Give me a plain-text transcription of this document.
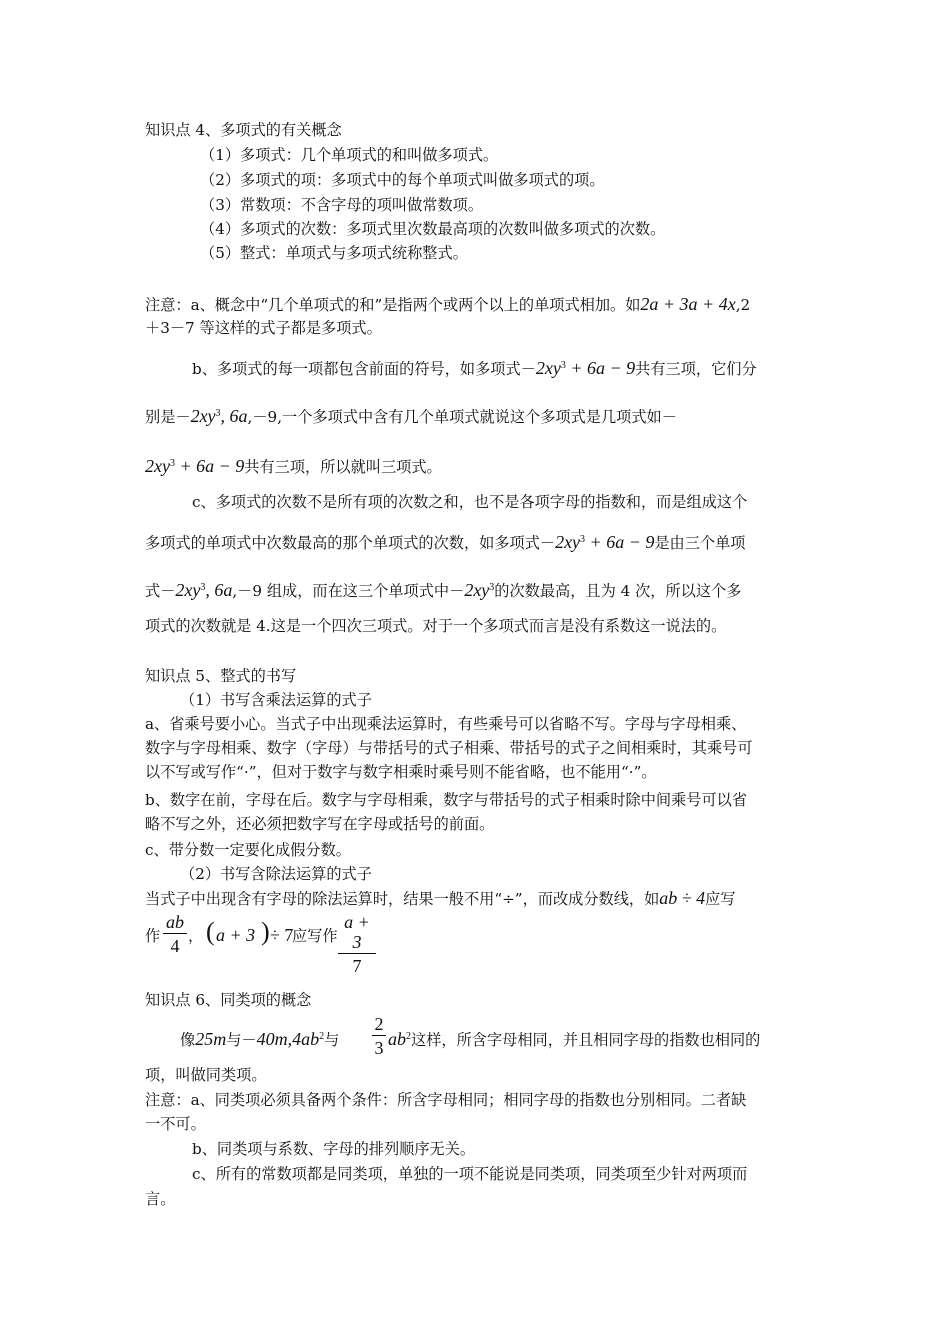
知识点 4、多项式的有关概念
（1）多项式：几个单项式的和叫做多项式。
（2）多项式的项：多项式中的每个单项式叫做多项式的项。
（3）常数项：不含字母的项叫做常数项。
（4）多项式的次数：多项式里次数最高项的次数叫做多项式的次数。
（5）整式：单项式与多项式统称整式。
注意：a、概念中“几个单项式的和”是指两个或两个以上的单项式相加。如2a + 3a + 4x,2
＋3－7 等这样的式子都是多项式。
b、多项式的每一项都包含前面的符号，如多项式$-2xy^3 + 6a - 9$共有三项，它们分
别是$-2xy^3$, 6a,－9,一个多项式中含有几个单项式就说这个多项式是几项式如－
$2xy^3 + 6a - 9$共有三项，所以就叫三项式。
c、多项式的次数不是所有项的次数之和，也不是各项字母的指数和，而是组成这个
多项式的单项式中次数最高的那个单项式的次数，如多项式$-2xy^3 + 6a - 9$是由三个单项
式$-2xy^3$, 6a,－9 组成，而在这三个单项式中$-2xy^3$的次数最高，且为 4 次，所以这个多
项式的次数就是 4.这是一个四次三项式。对于一个多项式而言是没有系数这一说法的。
知识点 5、整式的书写
（1）书写含乘法运算的式子
a、省乘号要小心。当式子中出现乘法运算时，有些乘号可以省略不写。字母与字母相乘、
数字与字母相乘、数字（字母）与带括号的式子相乘、带括号的式子之间相乘时，其乘号可
以不写或写作“·”，但对于数字与数字相乘时乘号则不能省略，也不能用“·”。
b、数字在前，字母在后。数字与字母相乘，数字与带括号的式子相乘时除中间乘号可以省
略不写之外，还必须把数字写在字母或括号的前面。
c、带分数一定要化成假分数。
（2）书写含除法运算的式子
当式子中出现含有字母的除法运算时，结果一般不用“÷”，而改成分数线，如ab ÷ 4应写
作
ab
4 ， ( a + 3 ) ÷ 7
应写作
a + 3
7
知识点 6、同类项的概念
像25m与$-40m,4ab^2$与
2
3 $ab^2$这样，所含字母相同，并且相同字母的指数也相同的
项，叫做同类项。
注意：a、同类项必须具备两个条件：所含字母相同；相同字母的指数也分别相同。二者缺
一不可。
b、同类项与系数、字母的排列顺序无关。
c、所有的常数项都是同类项，单独的一项不能说是同类项，同类项至少针对两项而
言。
